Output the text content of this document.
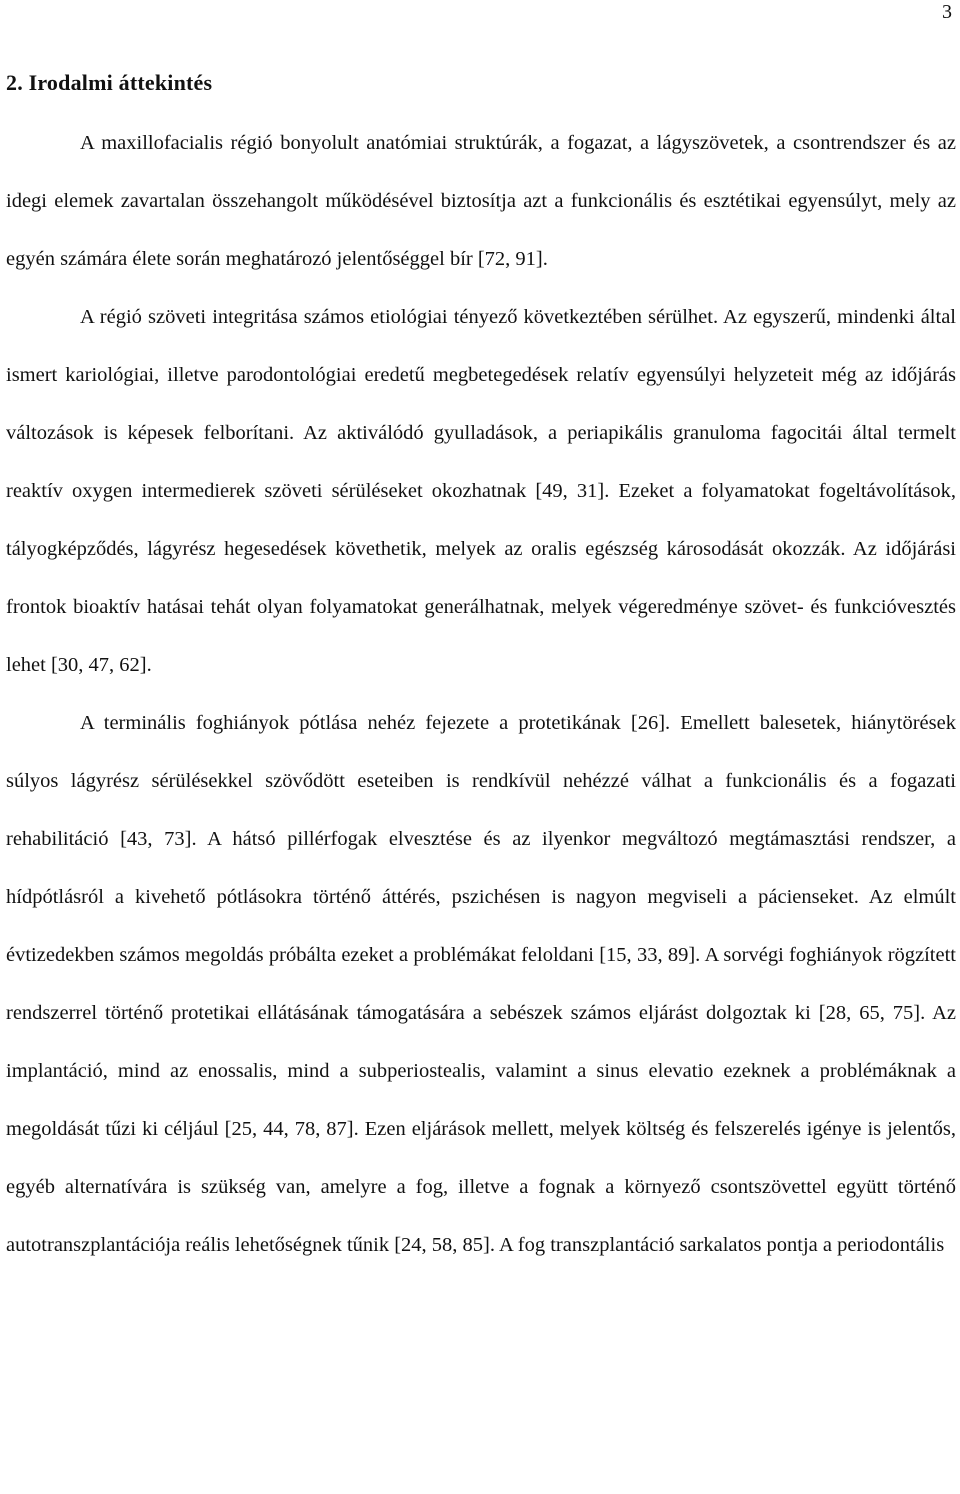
3
2. Irodalmi áttekintés

A maxillofacialis régió bonyolult anatómiai struktúrák, a fogazat, a lágyszövetek, a csontrendszer és az idegi elemek zavartalan összehangolt működésével biztosítja azt a funkcionális és esztétikai egyensúlyt, mely az egyén számára élete során meghatározó jelentőséggel bír [72, 91].

A régió szöveti integritása számos etiológiai tényező következtében sérülhet. Az egyszerű, mindenki által ismert kariológiai, illetve parodontológiai eredetű megbetegedések relatív egyensúlyi helyzeteit még az időjárás változások is képesek felborítani. Az aktiválódó gyulladások, a periapikális granuloma fagocitái által termelt reaktív oxygen intermedierek szöveti sérüléseket okozhatnak [49, 31]. Ezeket a folyamatokat fogeltávolítások, tályogképződés, lágyrész hegesedések követhetik, melyek az oralis egészség károsodását okozzák. Az időjárási frontok bioaktív hatásai tehát olyan folyamatokat generálhatnak, melyek végeredménye szövet- és funkcióvesztés lehet [30, 47, 62].

A terminális foghiányok pótlása nehéz fejezete a protetikának [26]. Emellett balesetek, hiánytörések súlyos lágyrész sérülésekkel szövődött eseteiben is rendkívül nehézzé válhat a funkcionális és a fogazati rehabilitáció [43, 73]. A hátsó pillérfogak elvesztése és az ilyenkor megváltozó megtámasztási rendszer, a hídpótlásról a kivehető pótlásokra történő áttérés, pszichésen is nagyon megviseli a pácienseket. Az elmúlt évtizedekben számos megoldás próbálta ezeket a problémákat feloldani [15, 33, 89]. A sorvégi foghiányok rögzített rendszerrel történő protetikai ellátásának támogatására a sebészek számos eljárást dolgoztak ki [28, 65, 75]. Az implantáció, mind az enossalis, mind a subperiostealis, valamint a sinus elevatio ezeknek a problémáknak a megoldását tűzi ki céljául [25, 44, 78, 87]. Ezen eljárások mellett, melyek költség és felszerelés igénye is jelentős, egyéb alternatívára is szükség van, amelyre a fog, illetve a fognak a környező csontszövettel együtt történő autotranszplantációja reális lehetőségnek tűnik [24, 58, 85]. A fog transzplantáció sarkalatos pontja a periodontális
